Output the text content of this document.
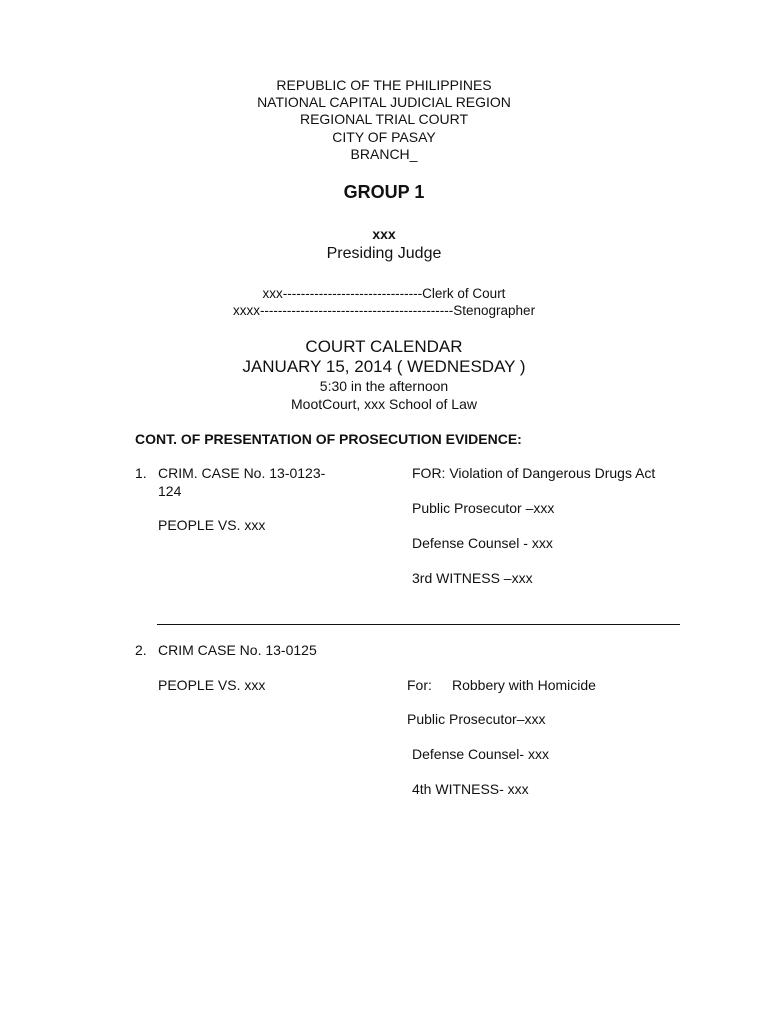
REPUBLIC OF THE PHILIPPINES
NATIONAL CAPITAL JUDICIAL REGION
REGIONAL TRIAL COURT
CITY OF PASAY
BRANCH_
GROUP 1
xxx
Presiding Judge
xxx-------------------------------Clerk of Court
xxxx-------------------------------------------Stenographer
COURT CALENDAR
JANUARY 15, 2014 ( WEDNESDAY )
5:30 in the afternoon
MootCourt, xxx School of Law
CONT. OF PRESENTATION OF PROSECUTION EVIDENCE:
1. CRIM. CASE No. 13-0123-
124
PEOPLE VS. xxx
FOR: Violation of Dangerous Drugs Act
Public Prosecutor –xxx
Defense Counsel - xxx
3rd WITNESS –xxx
2. CRIM CASE No. 13-0125
PEOPLE VS. xxx	For: Robbery with Homicide
Public Prosecutor–xxx
Defense Counsel- xxx
4th WITNESS- xxx
